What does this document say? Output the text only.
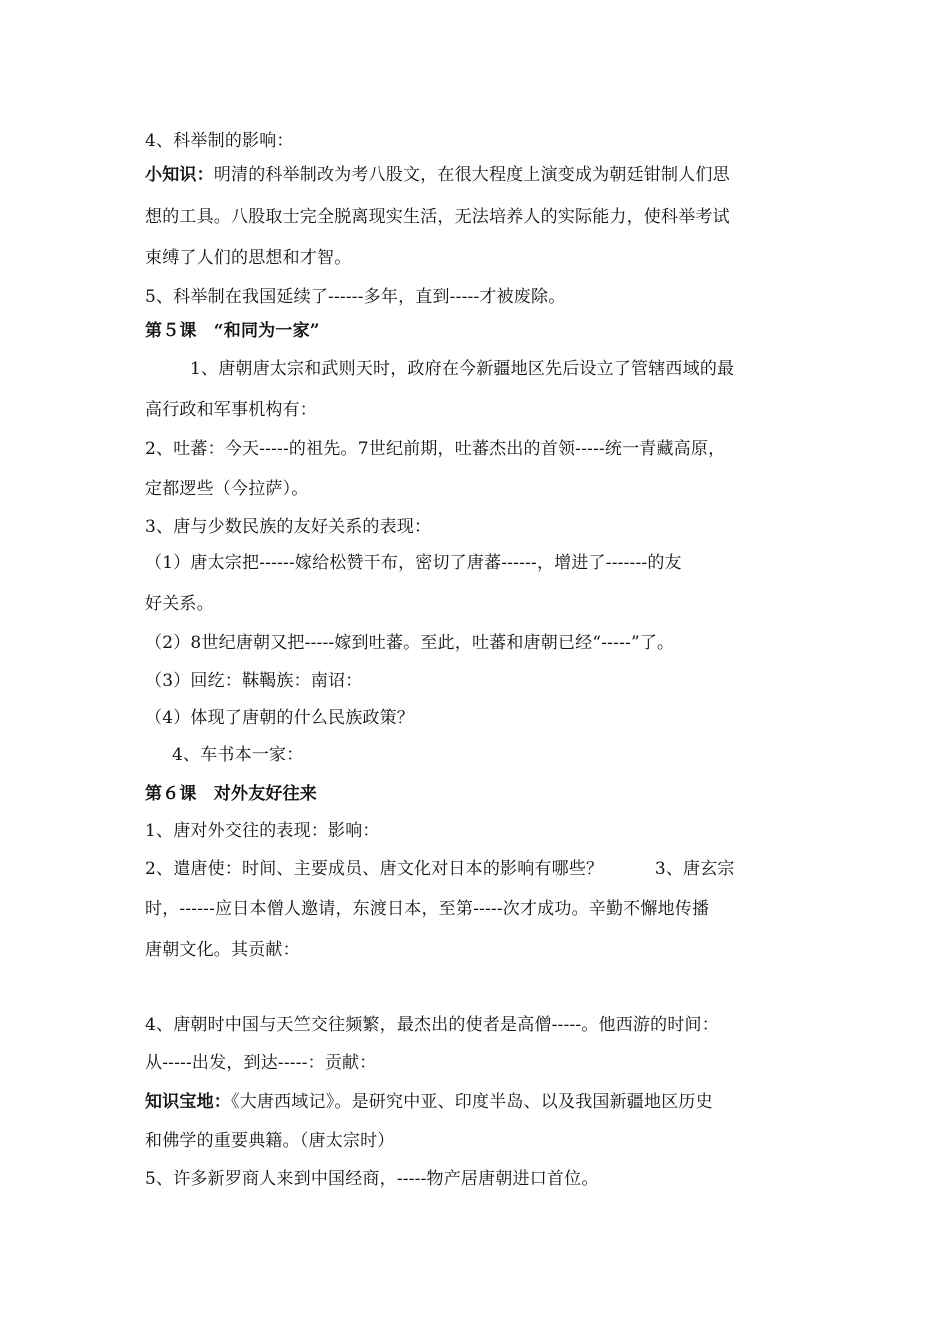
4、科举制的影响：
小知识：明清的科举制改为考八股文，在很大程度上演变成为朝廷钳制人们思
想的工具。八股取士完全脱离现实生活，无法培养人的实际能力，使科举考试
束缚了人们的思想和才智。
5、科举制在我国延续了------多年，直到-----才被废除。
第５课　“和同为一家”
1、唐朝唐太宗和武则天时，政府在今新疆地区先后设立了管辖西域的最
高行政和军事机构有：
2、吐蕃：今天-----的祖先。7世纪前期，吐蕃杰出的首领-----统一青藏高原，
定都逻些（今拉萨）。
3、唐与少数民族的友好关系的表现：
（1）唐太宗把------嫁给松赞干布，密切了唐蕃------，增进了-------的友
好关系。
（2）8世纪唐朝又把-----嫁到吐蕃。至此，吐蕃和唐朝已经“-----”了。
（3）回纥：靺鞨族：南诏：
（4）体现了唐朝的什么民族政策？
4、车书本一家：
第６课　对外友好往来
1、唐对外交往的表现：影响：
2、遣唐使：时间、主要成员、唐文化对日本的影响有哪些？　　　3、唐玄宗
时，------应日本僧人邀请，东渡日本，至第-----次才成功。辛勤不懈地传播
唐朝文化。其贡献：
4、唐朝时中国与天竺交往频繁，最杰出的使者是高僧-----。他西游的时间：
从-----出发，到达-----：贡献：
知识宝地：《大唐西域记》。是研究中亚、印度半岛、以及我国新疆地区历史
和佛学的重要典籍。（唐太宗时）
5、许多新罗商人来到中国经商，-----物产居唐朝进口首位。
